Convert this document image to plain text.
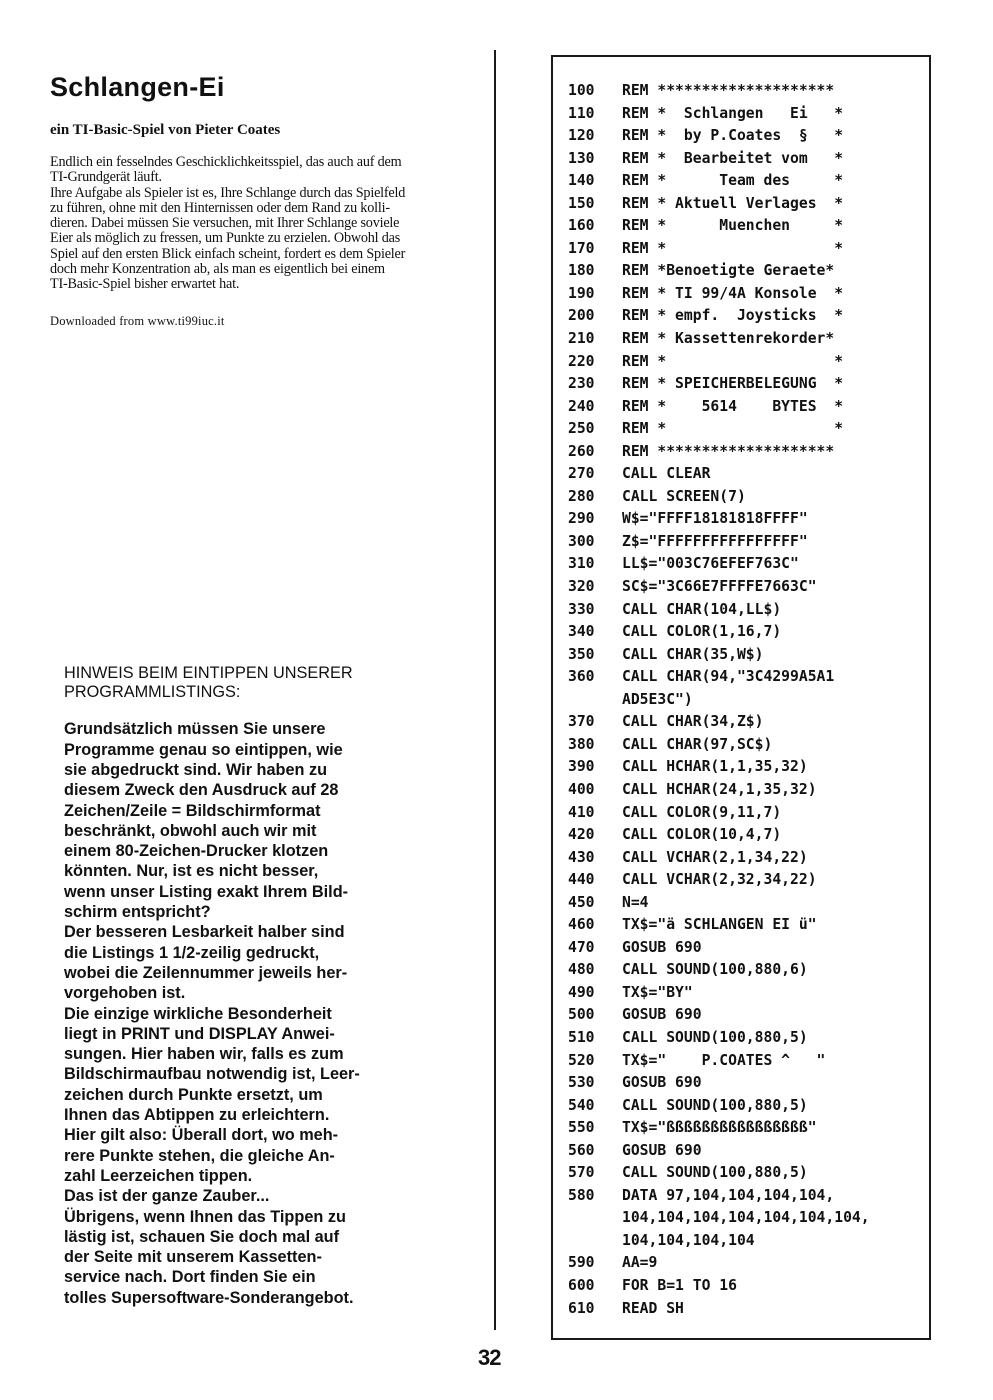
Schlangen-Ei

ein TI-Basic-Spiel von Pieter Coates

Endlich ein fesselndes Geschicklichkeitsspiel, das auch auf dem
TI-Grundgerät läuft.
Ihre Aufgabe als Spieler ist es, Ihre Schlange durch das Spielfeld
zu führen, ohne mit den Hinternissen oder dem Rand zu kolli-
dieren. Dabei müssen Sie versuchen, mit Ihrer Schlange soviele
Eier als möglich zu fressen, um Punkte zu erzielen. Obwohl das
Spiel auf den ersten Blick einfach scheint, fordert es dem Spieler
doch mehr Konzentration ab, als man es eigentlich bei einem
TI-Basic-Spiel bisher erwartet hat.
Downloaded from www.ti99iuc.it
HINWEIS BEIM EINTIPPEN UNSERER
PROGRAMMLISTINGS:
Grundsätzlich müssen Sie unsere
Programme genau so eintippen, wie
sie abgedruckt sind. Wir haben zu
diesem Zweck den Ausdruck auf 28
Zeichen/Zeile = Bildschirmformat
beschränkt, obwohl auch wir mit
einem 80-Zeichen-Drucker klotzen
könnten. Nur, ist es nicht besser,
wenn unser Listing exakt Ihrem Bild-
schirm entspricht?
Der besseren Lesbarkeit halber sind
die Listings 1 1/2-zeilig gedruckt,
wobei die Zeilennummer jeweils her-
vorgehoben ist.
Die einzige wirkliche Besonderheit
liegt in PRINT und DISPLAY Anwei-
sungen. Hier haben wir, falls es zum
Bildschirmaufbau notwendig ist, Leer-
zeichen durch Punkte ersetzt, um
Ihnen das Abtippen zu erleichtern.
Hier gilt also: Überall dort, wo meh-
rere Punkte stehen, die gleiche An-
zahl Leerzeichen tippen.
Das ist der ganze Zauber...
Übrigens, wenn Ihnen das Tippen zu
lästig ist, schauen Sie doch mal auf
der Seite mit unserem Kassetten-
service nach. Dort finden Sie ein
tolles Supersoftware-Sonderangebot.
100	REM ********************
110	REM *  Schlangen   Ei   *
120	REM *  by P.Coates  §   *
130	REM *  Bearbeitet vom   *
140	REM *      Team des     *
150	REM * Aktuell Verlages  *
160	REM *      Muenchen     *
170	REM *                   *
180	REM *Benoetigte Geraete*
190	REM * TI 99/4A Konsole  *
200	REM * empf.  Joysticks  *
210	REM * Kassettenrekorder*
220	REM *                   *
230	REM * SPEICHERBELEGUNG  *
240	REM *    5614    BYTES  *
250	REM *                   *
260	REM ********************
270	CALL CLEAR
280	CALL SCREEN(7)
290	W$="FFFF18181818FFFF"
300	Z$="FFFFFFFFFFFFFFFF"
310	LL$="003C76EFEF763C"
320	SC$="3C66E7FFFFE7663C"
330	CALL CHAR(104,LL$)
340	CALL COLOR(1,16,7)
350	CALL CHAR(35,W$)
360	CALL CHAR(94,"3C4299A5A1
AD5E3C")
370	CALL CHAR(34,Z$)
380	CALL CHAR(97,SC$)
390	CALL HCHAR(1,1,35,32)
400	CALL HCHAR(24,1,35,32)
410	CALL COLOR(9,11,7)
420	CALL COLOR(10,4,7)
430	CALL VCHAR(2,1,34,22)
440	CALL VCHAR(2,32,34,22)
450	N=4
460	TX$="ä SCHLANGEN EI ü"
470	GOSUB 690
480	CALL SOUND(100,880,6)
490	TX$="BY"
500	GOSUB 690
510	CALL SOUND(100,880,5)
520	TX$="    P.COATES ^   "
530	GOSUB 690
540	CALL SOUND(100,880,5)
550	TX$="ßßßßßßßßßßßßßßßß"
560	GOSUB 690
570	CALL SOUND(100,880,5)
580	DATA 97,104,104,104,104,
104,104,104,104,104,104,104,
104,104,104,104
590	AA=9
600	FOR B=1 TO 16
610	READ SH
32
